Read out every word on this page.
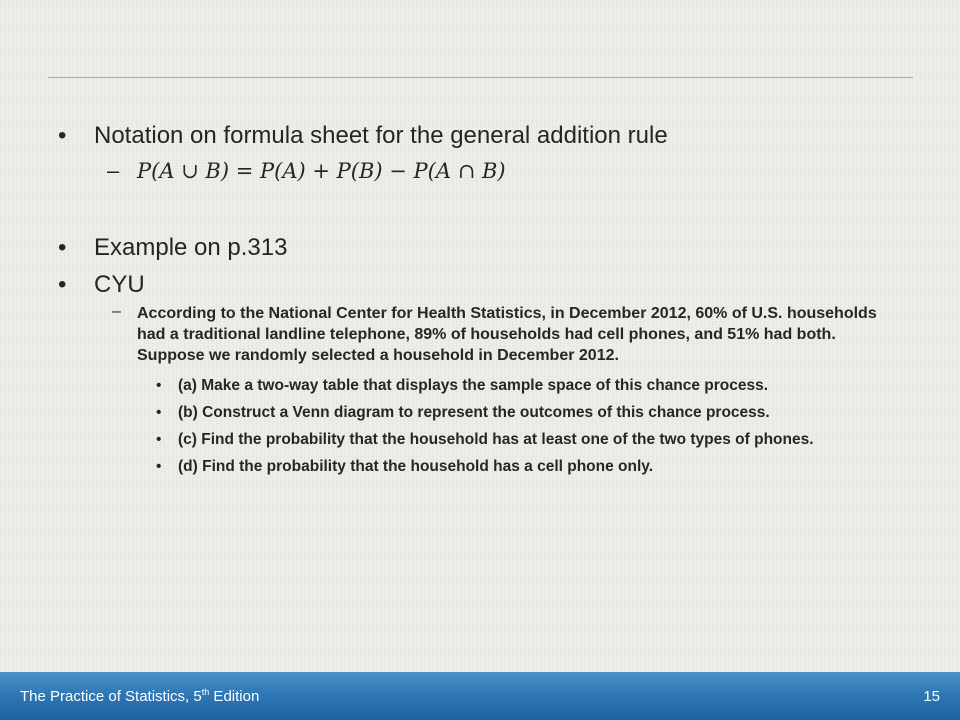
• Notation on formula sheet for the general addition rule
– P(A ∪ B) = P(A) + P(B) − P(A ∩ B)
• Example on p.313
• CYU
– According to the National Center for Health Statistics, in December 2012, 60% of U.S. households had a traditional landline telephone, 89% of households had cell phones, and 51% had both. Suppose we randomly selected a household in December 2012.
• (a) Make a two-way table that displays the sample space of this chance process.
• (b) Construct a Venn diagram to represent the outcomes of this chance process.
• (c) Find the probability that the household has at least one of the two types of phones.
• (d) Find the probability that the household has a cell phone only.
The Practice of Statistics, 5th Edition	15
